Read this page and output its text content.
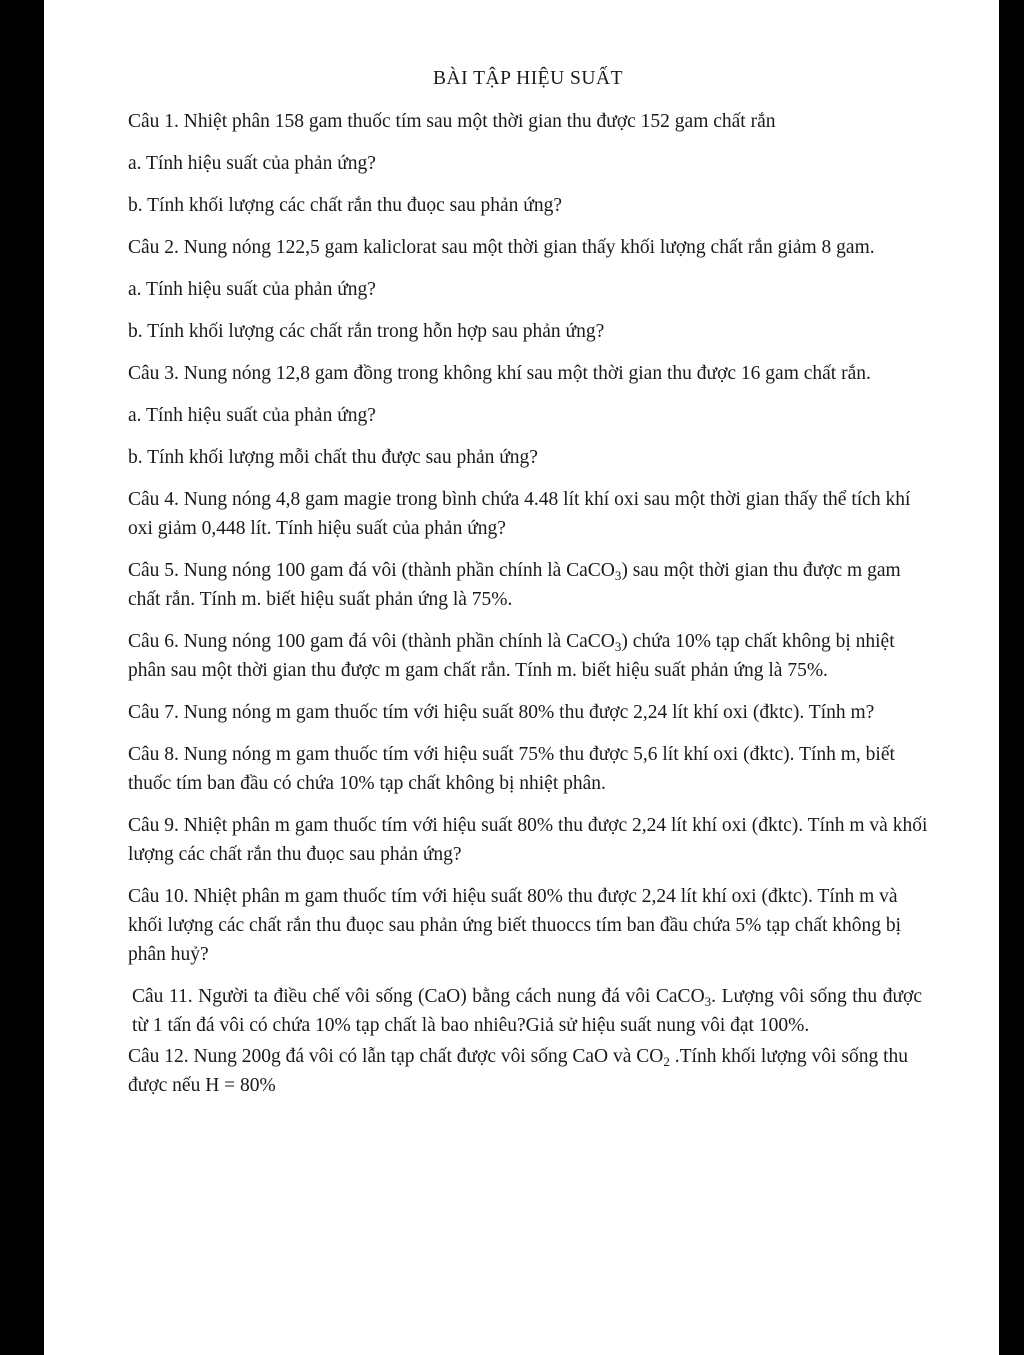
BÀI TẬP HIỆU SUẤT
Câu 1. Nhiệt phân 158 gam thuốc tím sau một thời gian thu được 152 gam chất rắn
a. Tính hiệu suất của phản ứng?
b. Tính khối lượng các chất rắn thu đuọc sau phản ứng?
Câu 2. Nung nóng 122,5 gam kaliclorat sau một thời gian thấy khối lượng chất rắn giảm 8 gam.
a. Tính hiệu suất của phản ứng?
b. Tính khối lượng các chất rắn trong hỗn hợp sau phản ứng?
Câu 3. Nung nóng 12,8 gam đồng trong không khí sau một thời gian thu được 16 gam chất rắn.
a. Tính hiệu suất của phản ứng?
b. Tính khối lượng mỗi chất thu được sau phản ứng?
Câu 4. Nung nóng 4,8 gam magie trong bình chứa 4.48 lít khí oxi sau một thời gian thấy thể tích khí oxi giảm 0,448 lít. Tính hiệu suất của phản ứng?
Câu 5. Nung nóng 100 gam đá vôi (thành phần chính là CaCO$_3$) sau một thời gian thu được m gam chất rắn. Tính m. biết hiệu suất phản ứng là 75%.
Câu 6. Nung nóng 100 gam đá vôi (thành phần chính là CaCO$_3$) chứa 10% tạp chất không bị nhiệt phân sau một thời gian thu được m gam chất rắn. Tính m. biết hiệu suất phản ứng là 75%.
Câu 7. Nung nóng m gam thuốc tím với hiệu suất 80% thu được 2,24 lít khí oxi (đktc). Tính m?
Câu 8. Nung nóng m gam thuốc tím với hiệu suất 75% thu được 5,6 lít khí oxi (đktc). Tính m, biết thuốc tím ban đầu có chứa 10% tạp chất không bị nhiệt phân.
Câu 9. Nhiệt phân m gam thuốc tím với hiệu suất 80% thu được 2,24 lít khí oxi (đktc). Tính m và khối lượng các chất rắn thu đuọc sau phản ứng?
Câu 10. Nhiệt phân m gam thuốc tím với hiệu suất 80% thu được 2,24 lít khí oxi (đktc). Tính m và khối lượng các chất rắn thu đuọc sau phản ứng biết thuoccs tím ban đầu chứa 5% tạp chất không bị phân huỷ?
Câu 11. Người ta điều chế vôi sống (CaO) bằng cách nung đá vôi CaCO$_3$. Lượng vôi sống thu được từ 1 tấn đá vôi có chứa 10% tạp chất là bao nhiêu?Giả sử hiệu suất nung vôi đạt 100%.
Câu 12. Nung 200g đá vôi có lẫn tạp chất được vôi sống CaO và $CO_2$ .Tính khối lượng vôi sống thu được nếu H = 80%
